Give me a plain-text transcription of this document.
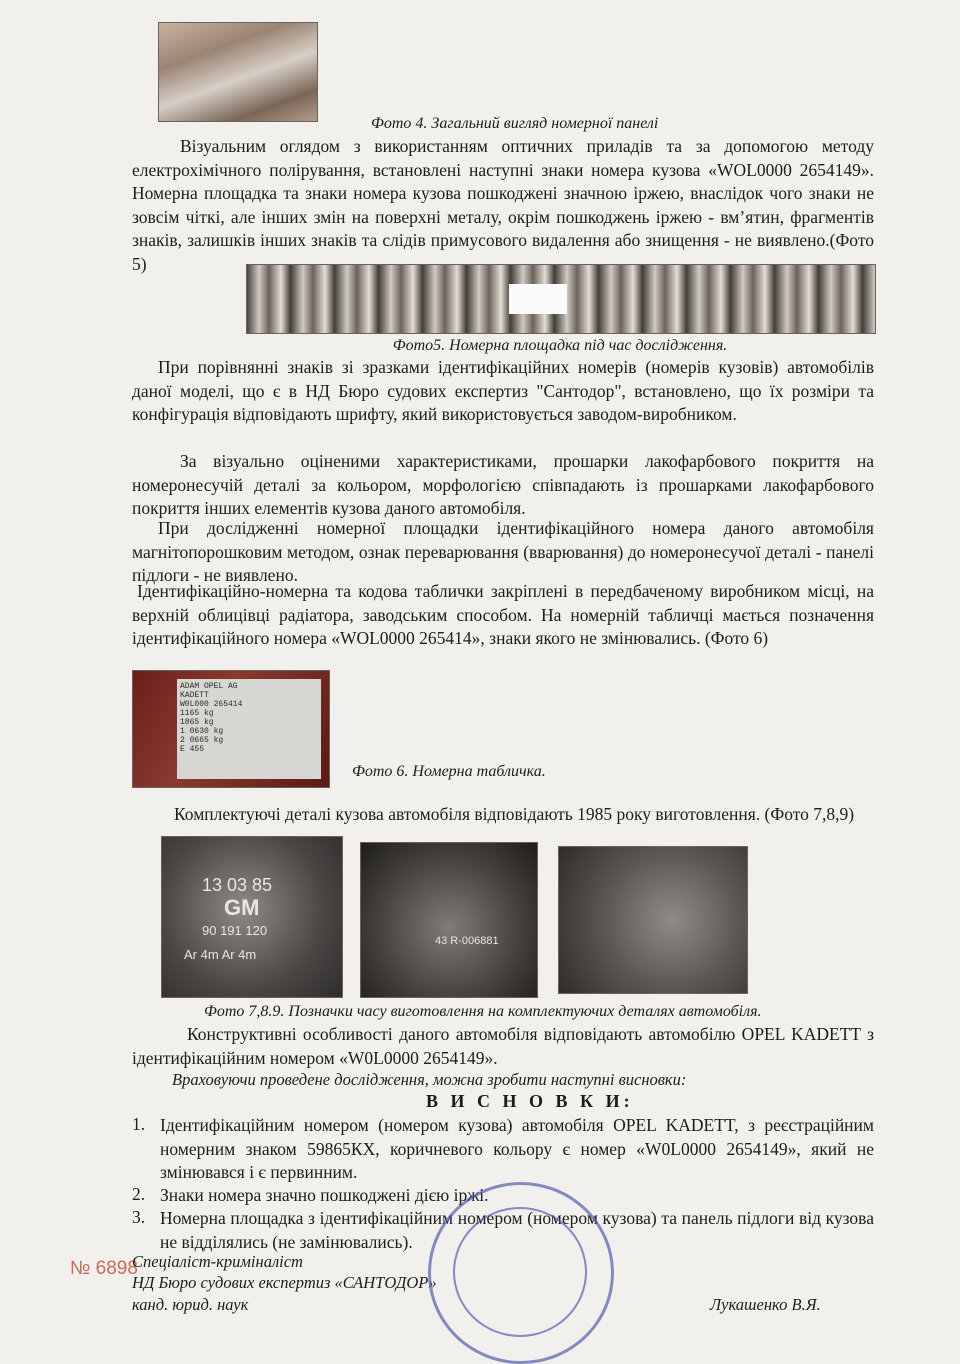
Фото 4. Загальний вигляд номерної панелі

Візуальним оглядом з використанням оптичних приладів та за допомогою методу електрохімічного полірування, встановлені наступні знаки номера кузова «WOL0000 2654149». Номерна площадка та знаки номера кузова пошкоджені значною іржею, внаслідок чого знаки не зовсім чіткі, але інших змін на поверхні металу, окрім пошкоджень іржею - вм’ятин, фрагментів знаків, залишків інших знаків та слідів примусового видалення або знищення - не виявлено.(Фото 5)

Фото5. Номерна площадка під час дослідження.

При порівнянні знаків зі зразками ідентифікаційних номерів (номерів кузовів) автомобілів даної моделі, що є в НД Бюро судових експертиз "Сантодор", встановлено, що їх розміри та конфігурація відповідають шрифту, який використовується заводом-виробником.

За візуально оціненими характеристиками, прошарки лакофарбового покриття на номеронесучій деталі за кольором, морфологією співпадають із прошарками лакофарбового покриття інших елементів кузова даного автомобіля.

При дослідженні номерної площадки ідентифікаційного номера даного автомобіля магнітопорошковим методом, ознак переварювання (вварювання) до номеронесучої деталі - панелі підлоги - не виявлено.

Ідентифікаційно-номерна та кодова таблички закріплені в передбаченому виробником місці, на верхній облицівці радіатора, заводським способом. На номерній табличці мається позначення ідентифікаційного номера «WOL0000 265414», знаки якого не змінювались. (Фото 6)

ADAM OPEL AG
KADETT
W0L000 265414
1165 kg
1865 kg
1 0630 kg
2 0665 kg
E 455
Фото 6. Номерна табличка.

Комплектуючі деталі кузова автомобіля відповідають 1985 року виготовлення. (Фото 7,8,9)

13 03 85
GM
90 191 120
Ar 4m Ar 4m
43 R-006881
Фото 7,8.9. Позначки часу виготовлення на комплектуючих деталях автомобіля.

Конструктивні особливості даного автомобіля відповідають автомобілю OPEL KADETT з ідентифікаційним номером «W0L0000 2654149».

Враховуючи проведене дослідження, можна зробити наступні висновки:
В И С Н О В К И:
1. Ідентифікаційним номером (номером кузова) автомобіля OPEL KADETT, з реєстраційним номерним знаком 59865КХ, коричневого кольору є номер «W0L0000 2654149», який не змінювався і є первинним.

2. Знаки номера значно пошкоджені дією іржі.

3. Номерна площадка з ідентифікаційним номером (номером кузова) та панель підлоги від кузова не відділялись (не замінювались).

№ 6898
Спеціаліст-криміналіст
НД Бюро судових експертиз «САНТОДОР»
канд. юрид. наук	Лукашенко В.Я.
